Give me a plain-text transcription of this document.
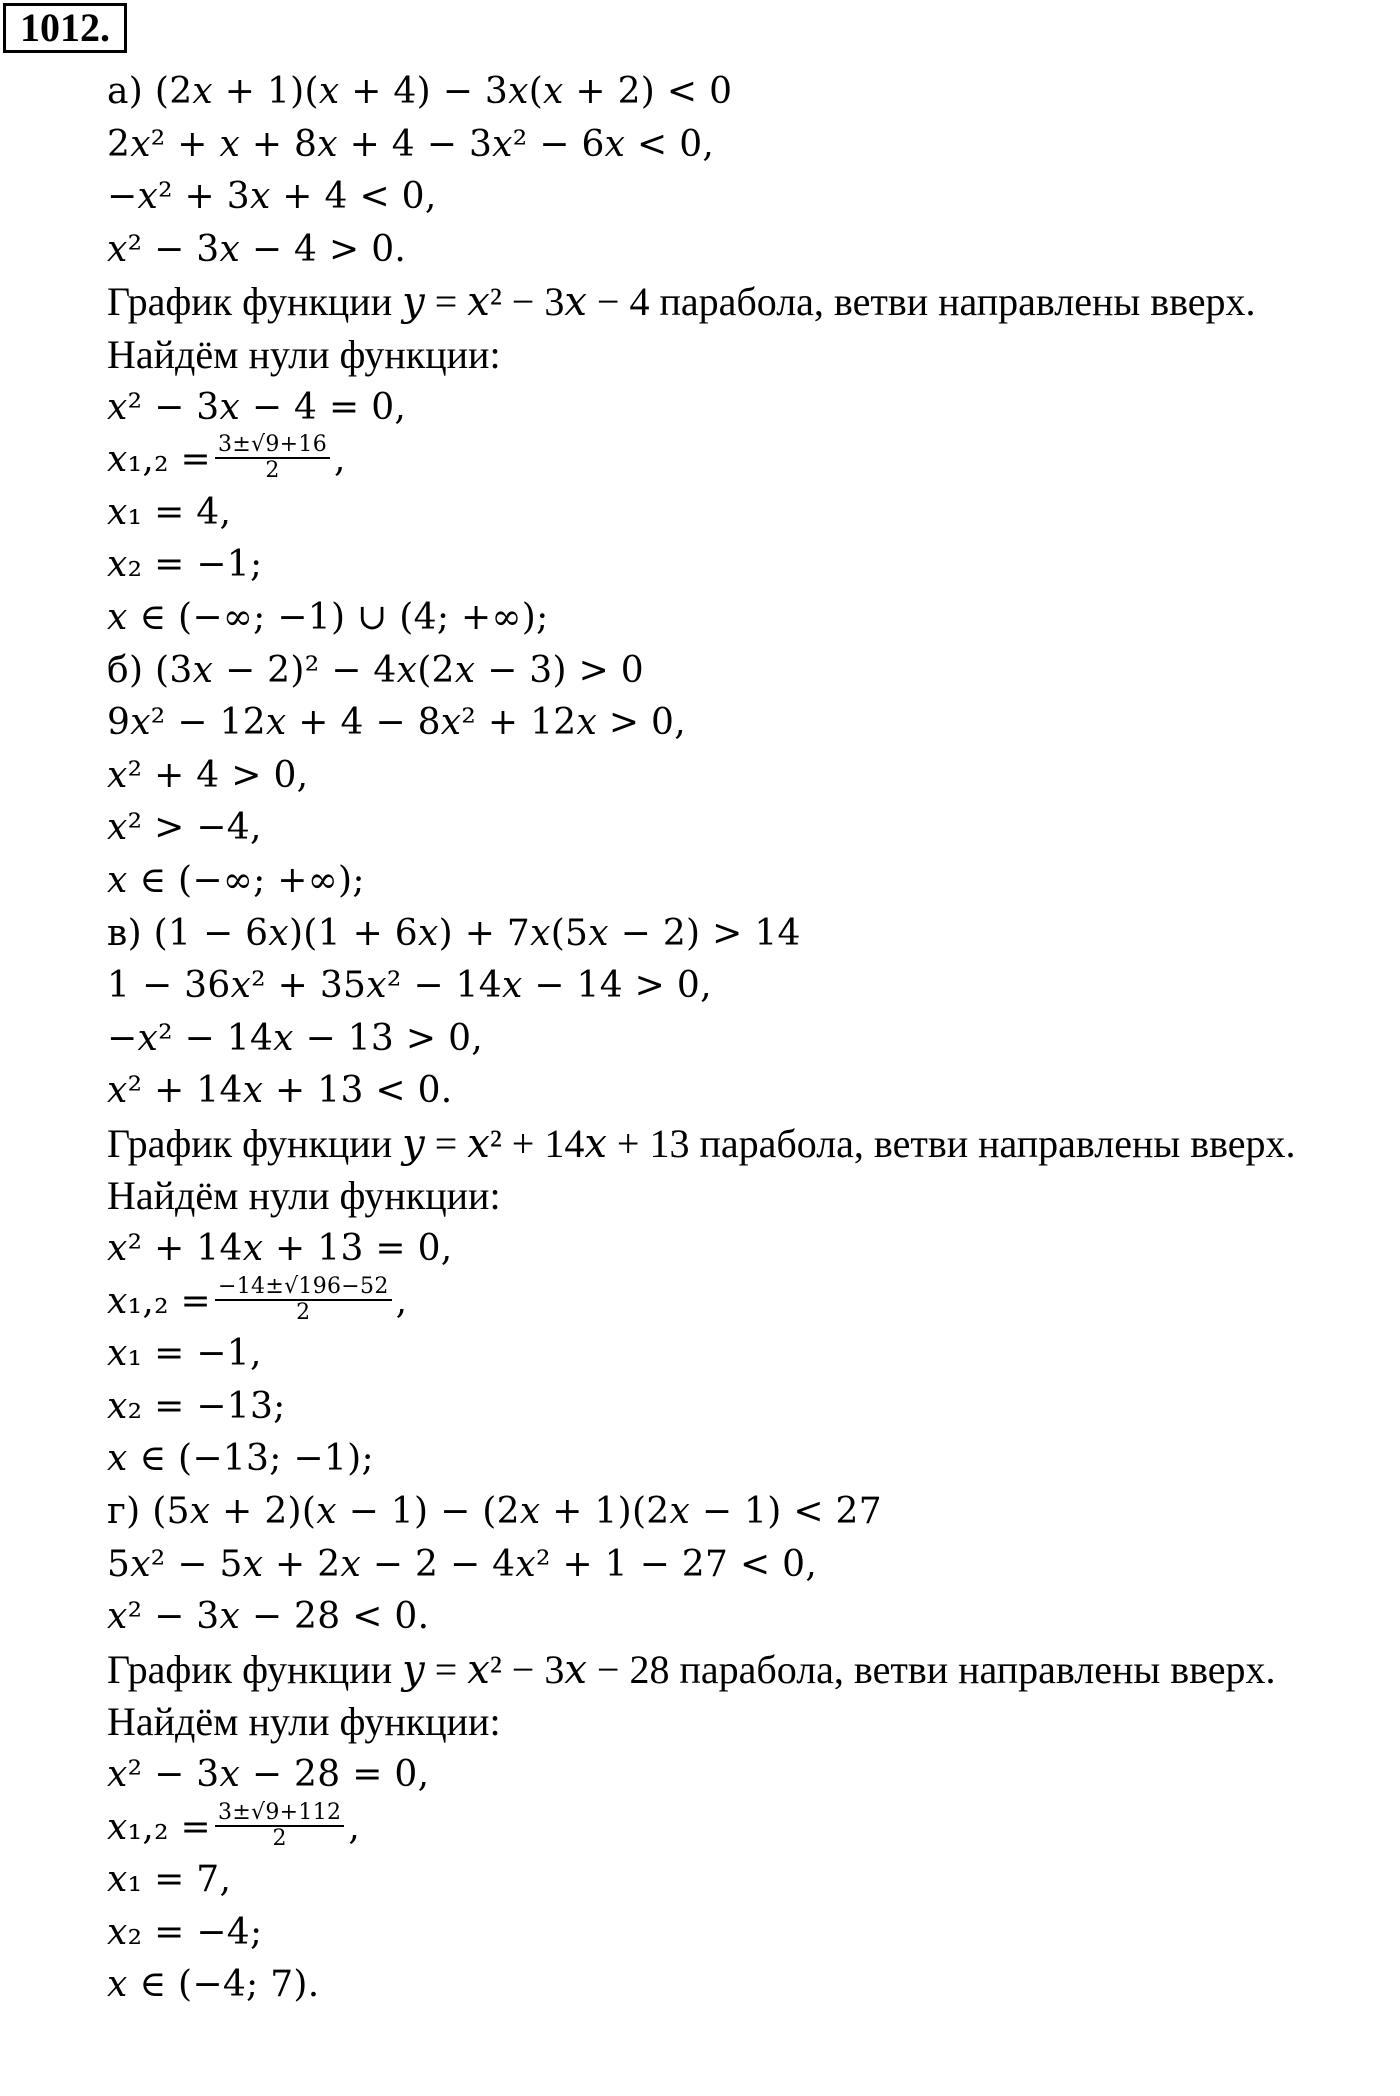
1012.
а) (2𝑥 + 1)(𝑥 + 4) − 3𝑥(𝑥 + 2) < 0
2𝑥² + 𝑥 + 8𝑥 + 4 − 3𝑥² − 6𝑥 < 0,
−𝑥² + 3𝑥 + 4 < 0,
𝑥² − 3𝑥 − 4 > 0.
График функции 𝑦 = 𝑥² − 3𝑥 − 4 парабола, ветви направлены вверх.
Найдём нули функции:
𝑥² − 3𝑥 − 4 = 0,
𝑥₁,₂ = $\frac{3\pm√9+16}{2}$ ,
𝑥₁ = 4,
𝑥₂ = −1;
𝑥 ∈ (−∞; −1) ∪ (4; +∞);
б) (3𝑥 − 2)² − 4𝑥(2𝑥 − 3) > 0
9𝑥² − 12𝑥 + 4 − 8𝑥² + 12𝑥 > 0,
𝑥² + 4 > 0,
𝑥² > −4,
𝑥 ∈ (−∞; +∞);
в) (1 − 6𝑥)(1 + 6𝑥) + 7𝑥(5𝑥 − 2) > 14
1 − 36𝑥² + 35𝑥² − 14𝑥 − 14 > 0,
−𝑥² − 14𝑥 − 13 > 0,
𝑥² + 14𝑥 + 13 < 0.
График функции 𝑦 = 𝑥² + 14𝑥 + 13 парабола, ветви направлены вверх.
Найдём нули функции:
𝑥² + 14𝑥 + 13 = 0,
𝑥₁,₂ = $\frac{-14\pm√196-52}{2}$ ,
𝑥₁ = −1,
𝑥₂ = −13;
𝑥 ∈ (−13; −1);
г) (5𝑥 + 2)(𝑥 − 1) − (2𝑥 + 1)(2𝑥 − 1) < 27
5𝑥² − 5𝑥 + 2𝑥 − 2 − 4𝑥² + 1 − 27 < 0,
𝑥² − 3𝑥 − 28 < 0.
График функции 𝑦 = 𝑥² − 3𝑥 − 28 парабола, ветви направлены вверх.
Найдём нули функции:
𝑥² − 3𝑥 − 28 = 0,
𝑥₁,₂ = $\frac{3\pm√9+112}{2}$ ,
𝑥₁ = 7,
𝑥₂ = −4;
𝑥 ∈ (−4; 7).
